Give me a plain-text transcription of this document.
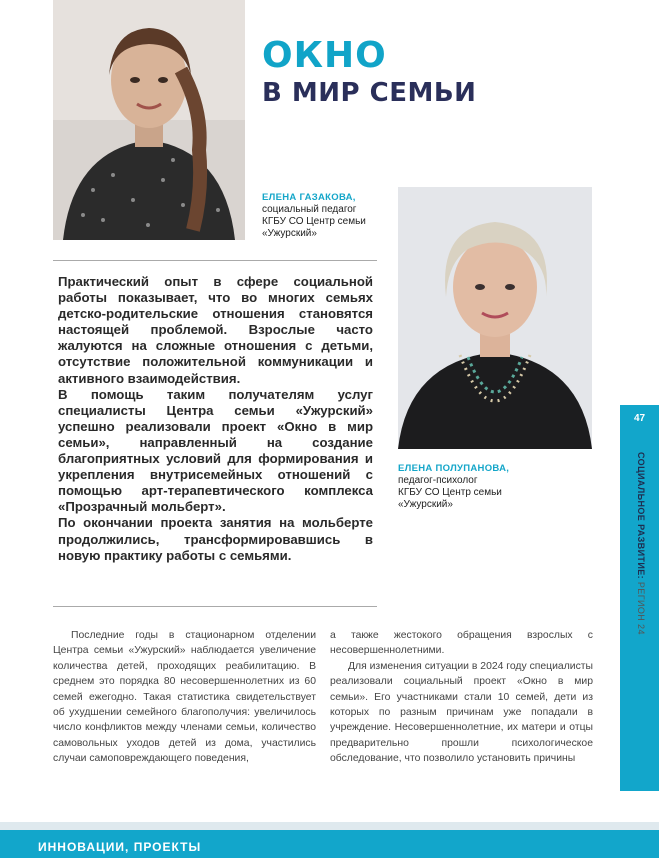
ОКНО
В МИР СЕМЬИ
ЕЛЕНА ГАЗАКОВА,
социальный педагог
КГБУ СО Центр семьи
«Ужурский»
ЕЛЕНА ПОЛУПАНОВА,
педагог-психолог
КГБУ СО Центр семьи
«Ужурский»

Практический опыт в сфере социальной работы показывает, что во многих семьях детско-родительские отношения становятся настоящей проблемой. Взрослые часто жалуются на сложные отношения с детьми, отсутствие положительной коммуникации и активного взаимодействия.

В помощь таким получателям услуг специалисты Центра семьи «Ужурский» успешно реализовали проект «Окно в мир семьи», направленный на создание благоприятных условий для формирования и укрепления внутрисемейных отношений с помощью арт-терапевтического комплекса «Прозрачный мольберт».

По окончании проекта занятия на мольберте продолжились, трансформировавшись в новую практику работы с семьями.

Последние годы в стационарном отделении Центра семьи «Ужурский» наблюдается увеличение количества детей, проходящих реабилитацию. В среднем это порядка 80 несовершеннолетних из 60 семей ежегодно. Такая статистика свидетельствует об ухудшении семейного благополучия: увеличилось число конфликтов между членами семьи, количество самовольных уходов детей из дома, участились случаи самоповреждающего поведения,

а также жестокого обращения взрослых с несовершеннолетними.

Для изменения ситуации в 2024 году специалисты реализовали социальный проект «Окно в мир семьи». Его участниками стали 10 семей, дети из которых по разным причинам уже попадали в учреждение. Несовершеннолетние, их матери и отцы предварительно прошли психологическое обследование, что позволило установить причины

47
СОЦИАЛЬНОЕ РАЗВИТИЕ: РЕГИОН 24
ИННОВАЦИИ, ПРОЕКТЫ
